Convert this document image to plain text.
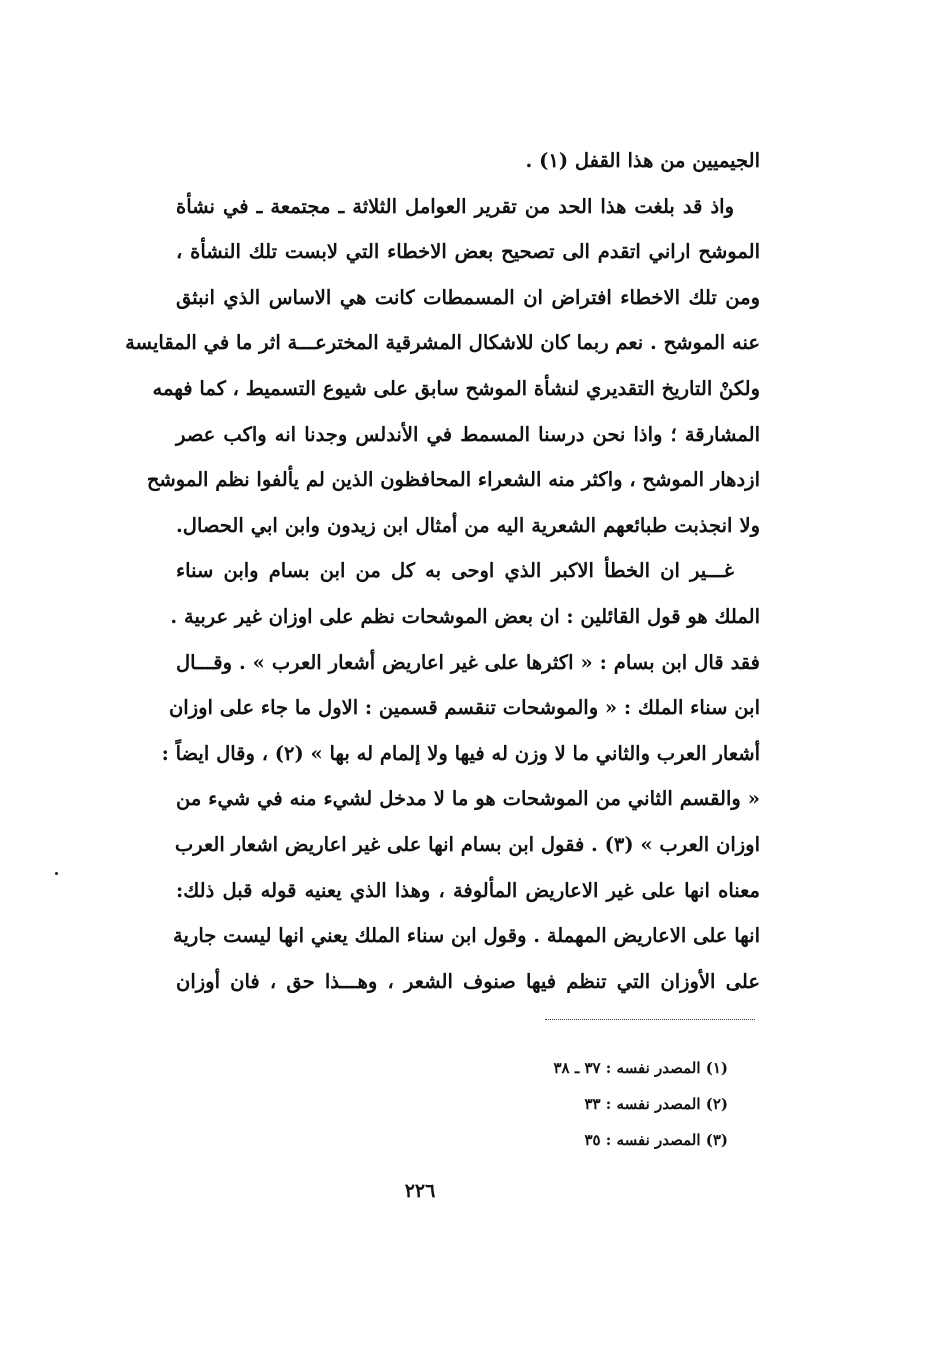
الجيميين من هذا القفل (١) .
واذ قد بلغت هذا الحد من تقرير العوامل الثلاثة ـ مجتمعة ـ في نشأة
الموشح اراني اتقدم الى تصحيح بعض الاخطاء التي لابست تلك النشأة ،
ومن تلك الاخطاء افتراض ان المسمطات كانت هي الاساس الذي انبثق
عنه الموشح . نعم ربما كان للاشكال المشرقية المخترعـــة اثر ما في المقايسة
ولكنْ التاريخ التقديري لنشأة الموشح سابق على شيوع التسميط ، كما فهمه
المشارقة ؛ واذا نحن درسنا المسمط في الأندلس وجدنا انه واكب عصر
ازدهار الموشح ، واكثر منه الشعراء المحافظون الذين لم يألفوا نظم الموشح
ولا انجذبت طبائعهم الشعرية اليه من أمثال ابن زيدون وابن ابي الحصال.
غـــير ان الخطأ الاكبر الذي اوحى به كل من ابن بسام وابن سناء
الملك هو قول القائلين : ان بعض الموشحات نظم على اوزان غير عربية .
فقد قال ابن بسام : « اكثرها على غير اعاريض أشعار العرب » . وقـــال
ابن سناء الملك : « والموشحات تنقسم قسمين : الاول ما جاء على اوزان
أشعار العرب والثاني ما لا وزن له فيها ولا إلمام له بها » (٢) ، وقال ايضاً :
« والقسم الثاني من الموشحات هو ما لا مدخل لشيء منه في شيء من
اوزان العرب » (٣) . فقول ابن بسام انها على غير اعاريض اشعار العرب
معناه انها على غير الاعاريض المألوفة ، وهذا الذي يعنيه قوله قبل ذلك:
انها على الاعاريض المهملة . وقول ابن سناء الملك يعني انها ليست جارية
على الأوزان التي تنظم فيها صنوف الشعر ، وهـــذا حق ، فان أوزان
(١) المصدر نفسه : ٣٧ ـ ٣٨
(٢) المصدر نفسه : ٣٣
(٣) المصدر نفسه : ٣٥
٢٢٦
